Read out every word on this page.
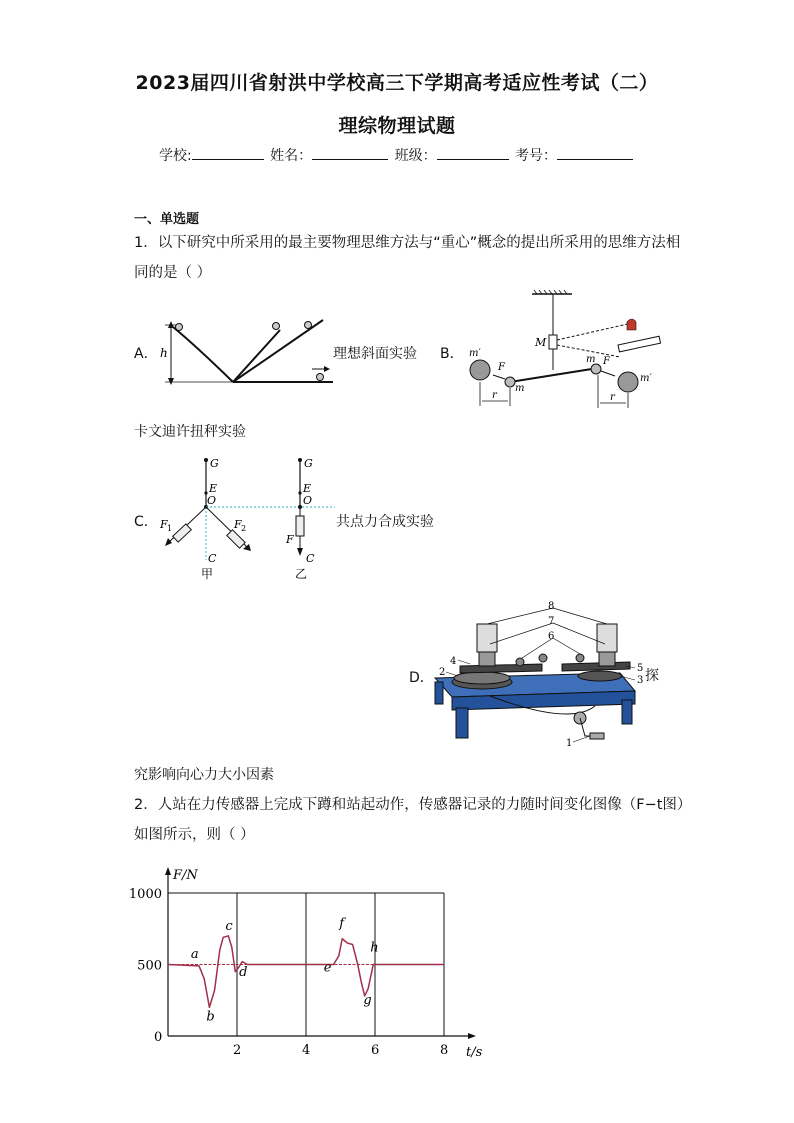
2023届四川省射洪中学校高三下学期高考适应性考试（二）
理综物理试题
学校:	姓名：	班级：	考号：
一、单选题
1．以下研究中所采用的最主要物理思维方法与“重心”概念的提出所采用的思维方法相
同的是（ ）
A． h	理想斜面实验 B．
M
m′
m′
m
m
F
F
r	r
卡文迪许扭秤实验
C．
G
E
O
F 1	F 2
C
甲
G
E
O
F
C
乙
共点力合成实验
D．
8
7
6
4
2	5
3
1
探
究影响向心力大小因素
2．人站在力传感器上完成下蹲和站起动作，传感器记录的力随时间变化图像（F−t图）
如图所示，则（ ）
F/N
t/s
0
2	4	6	8
500
1000
a
b
c
d	e
f
g
h
